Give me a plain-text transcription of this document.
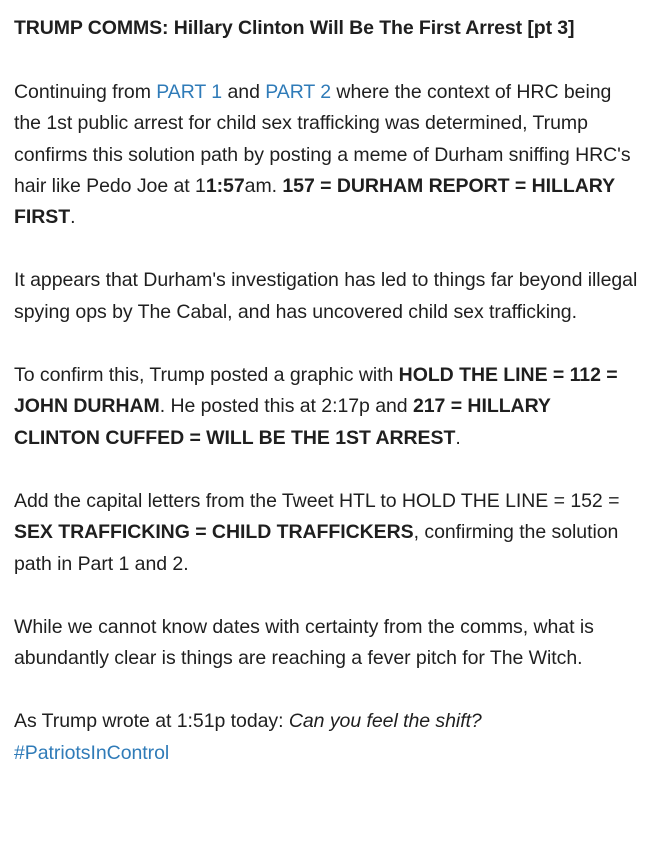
TRUMP COMMS: Hillary Clinton Will Be The First Arrest [pt 3]

Continuing from PART 1 and PART 2 where the context of HRC being the 1st public arrest for child sex trafficking was determined, Trump confirms this solution path by posting a meme of Durham sniffing HRC's hair like Pedo Joe at 11:57am. 157 = DURHAM REPORT = HILLARY FIRST.

It appears that Durham's investigation has led to things far beyond illegal spying ops by The Cabal, and has uncovered child sex trafficking.

To confirm this, Trump posted a graphic with HOLD THE LINE = 112 = JOHN DURHAM. He posted this at 2:17p and 217 = HILLARY CLINTON CUFFED = WILL BE THE 1ST ARREST.

Add the capital letters from the Tweet HTL to HOLD THE LINE = 152 = SEX TRAFFICKING = CHILD TRAFFICKERS, confirming the solution path in Part 1 and 2.

While we cannot know dates with certainty from the comms, what is abundantly clear is things are reaching a fever pitch for The Witch.

As Trump wrote at 1:51p today: Can you feel the shift?
#PatriotsInControl
